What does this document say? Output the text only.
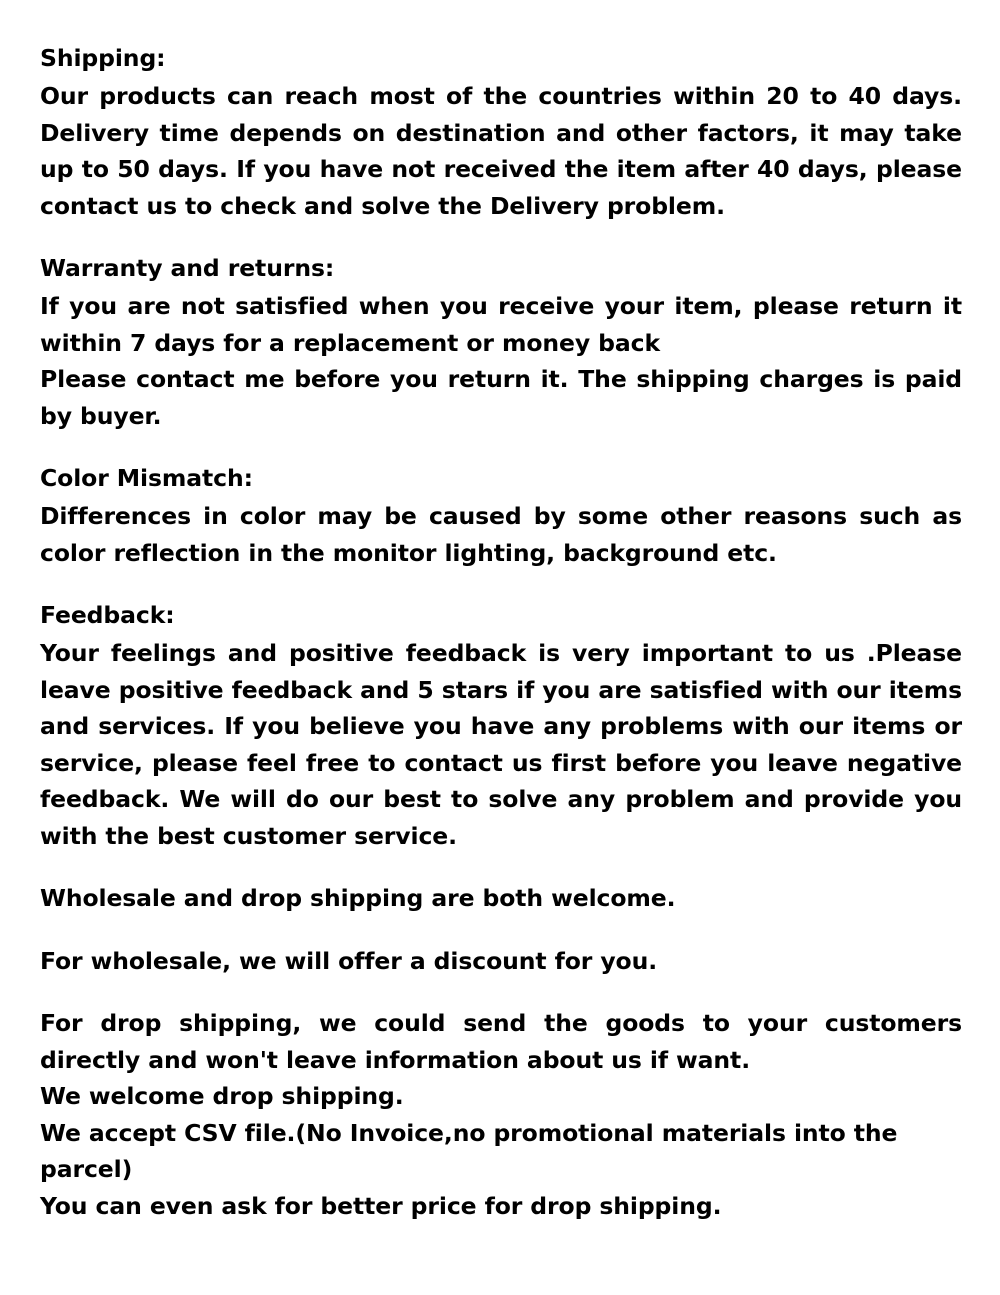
Shipping:

Our products can reach most of the countries within 20 to 40 days. Delivery time depends on destination and other factors, it may take up to 50 days. If you have not received the item after 40 days, please contact us to check and solve the Delivery problem.

Warranty and returns:

If you are not satisfied when you receive your item, please return it within 7 days for a replacement or money back

Please contact me before you return it. The shipping charges is paid by buyer.

Color Mismatch:

Differences in color may be caused by some other reasons such as color reflection in the monitor lighting, background etc.

Feedback:

Your feelings and positive feedback is very important to us .Please leave positive feedback and 5 stars if you are satisfied with our items and services. If you believe you have any problems with our items or service, please feel free to contact us first before you leave negative feedback. We will do our best to solve any problem and provide you with the best customer service.

Wholesale and drop shipping are both welcome.

For wholesale, we will offer a discount for you.

For drop shipping, we could send the goods to your customers directly and won't leave information about us if want.

We welcome drop shipping.

We accept CSV file.(No Invoice,no promotional materials into the parcel)

You can even ask for better price for drop shipping.
